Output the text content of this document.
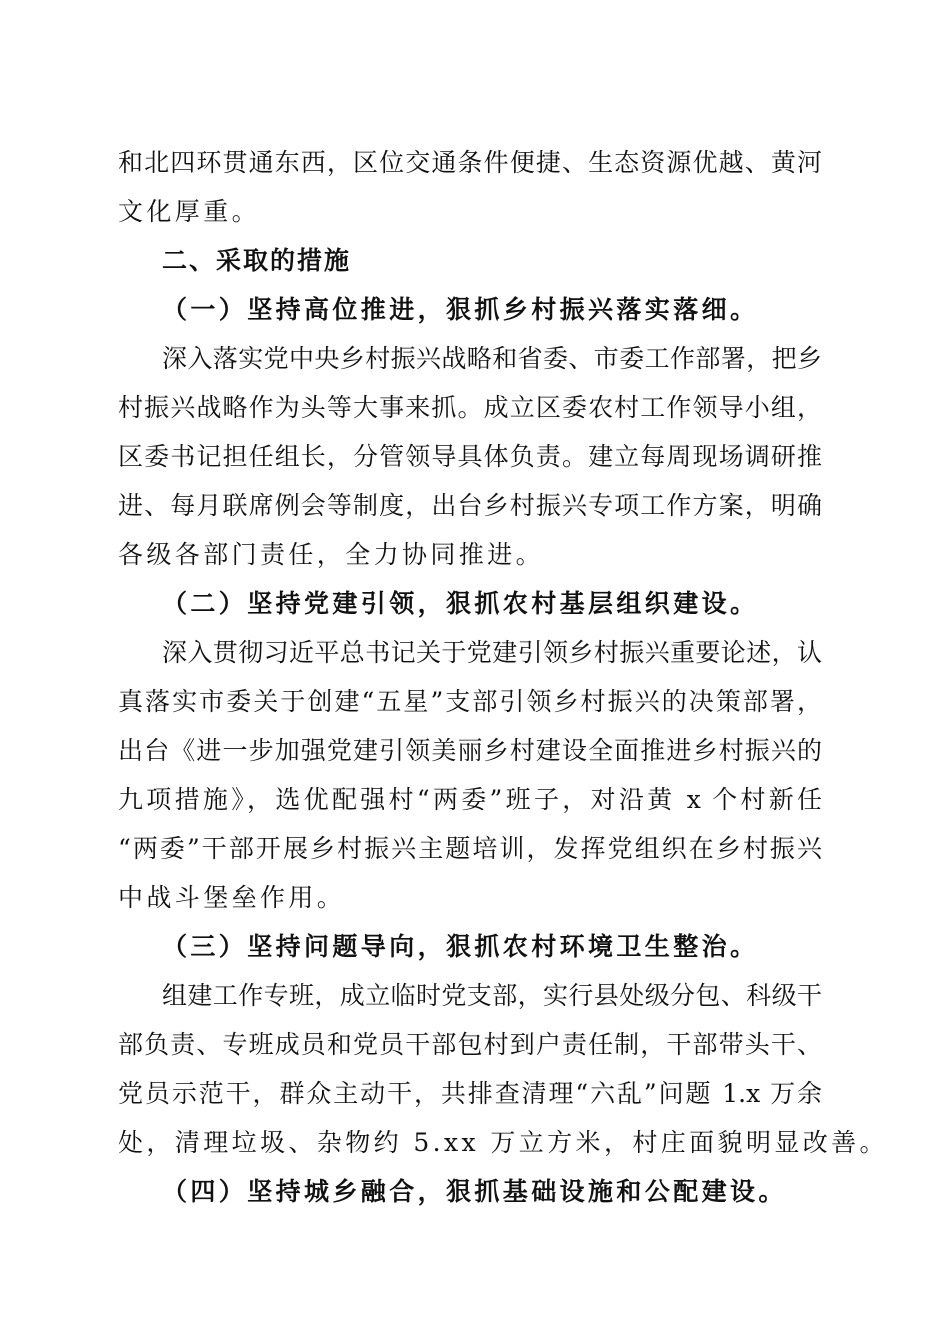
和北四环贯通东西，区位交通条件便捷、生态资源优越、黄河
文化厚重。
二、采取的措施
（一）坚持高位推进，狠抓乡村振兴落实落细。
深入落实党中央乡村振兴战略和省委、市委工作部署，把乡
村振兴战略作为头等大事来抓。成立区委农村工作领导小组，
区委书记担任组长，分管领导具体负责。建立每周现场调研推
进、每月联席例会等制度，出台乡村振兴专项工作方案，明确
各级各部门责任，全力协同推进。
（二）坚持党建引领，狠抓农村基层组织建设。
深入贯彻习近平总书记关于党建引领乡村振兴重要论述，认
真落实市委关于创建“五星”支部引领乡村振兴的决策部署，
出台《进一步加强党建引领美丽乡村建设全面推进乡村振兴的
九项措施》，选优配强村“两委”班子，对沿黄 x 个村新任
“两委”干部开展乡村振兴主题培训，发挥党组织在乡村振兴
中战斗堡垒作用。
（三）坚持问题导向，狠抓农村环境卫生整治。
组建工作专班，成立临时党支部，实行县处级分包、科级干
部负责、专班成员和党员干部包村到户责任制，干部带头干、
党员示范干，群众主动干，共排查清理“六乱”问题 1.x 万余
处，清理垃圾、杂物约 5.xx 万立方米，村庄面貌明显改善。
（四）坚持城乡融合，狠抓基础设施和公配建设。
